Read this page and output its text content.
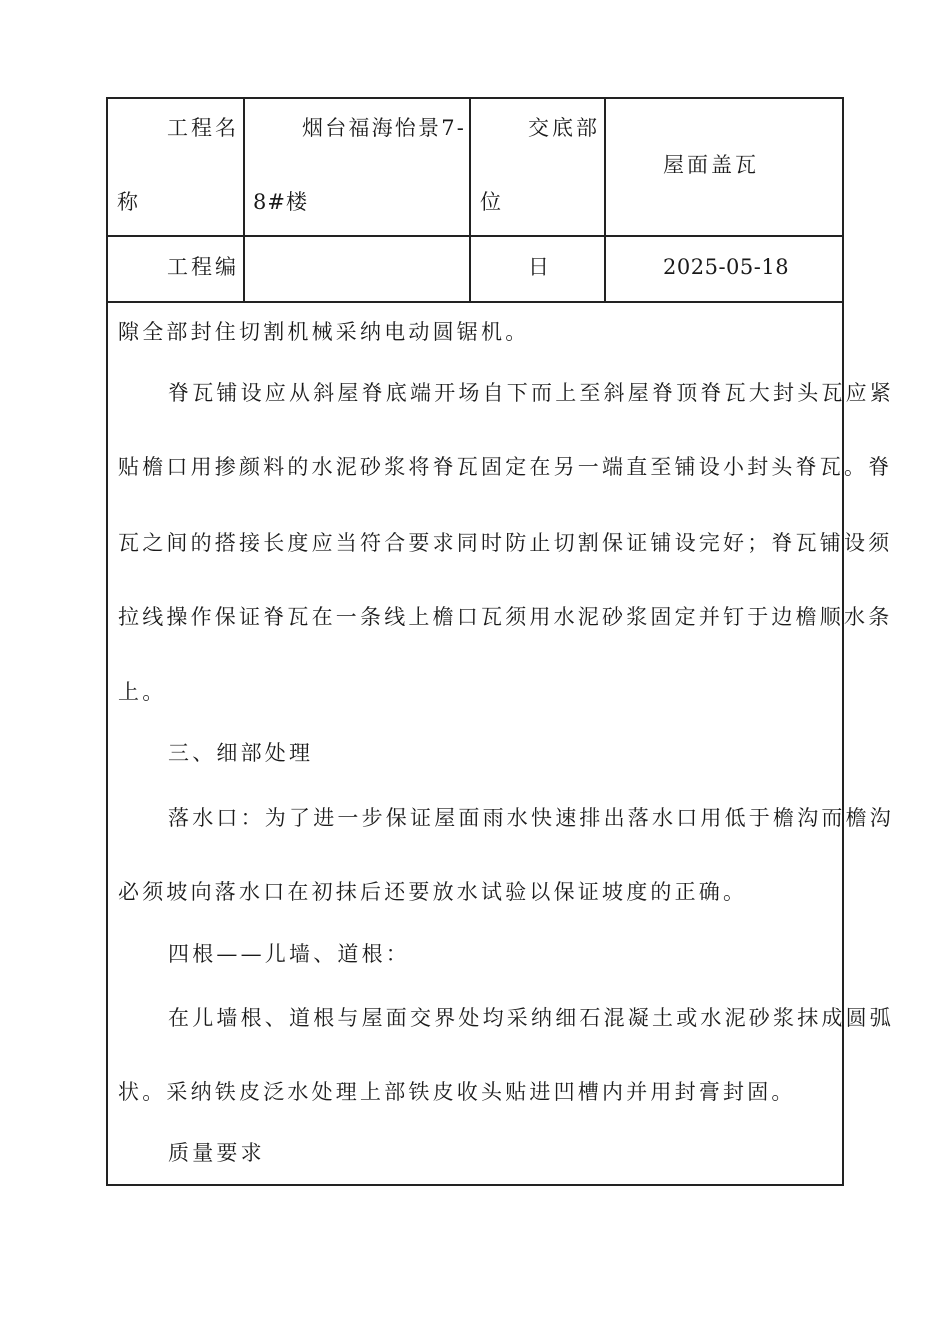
工程名
称
烟台福海怡景7-
8#楼
交底部
位
屋面盖瓦
工程编	日	2025-05-18
隙全部封住切割机械采纳电动圆锯机。
脊瓦铺设应从斜屋脊底端开场自下而上至斜屋脊顶脊瓦大封头瓦应紧
贴檐口用掺颜料的水泥砂浆将脊瓦固定在另一端直至铺设小封头脊瓦。脊
瓦之间的搭接长度应当符合要求同时防止切割保证铺设完好；脊瓦铺设须
拉线操作保证脊瓦在一条线上檐口瓦须用水泥砂浆固定并钉于边檐顺水条
上。
三、细部处理
落水口：为了进一步保证屋面雨水快速排出落水口用低于檐沟而檐沟
必须坡向落水口在初抹后还要放水试验以保证坡度的正确。
四根——儿墙、道根：
在儿墙根、道根与屋面交界处均采纳细石混凝土或水泥砂浆抹成圆弧
状。采纳铁皮泛水处理上部铁皮收头贴进凹槽内并用封膏封固。
质量要求
